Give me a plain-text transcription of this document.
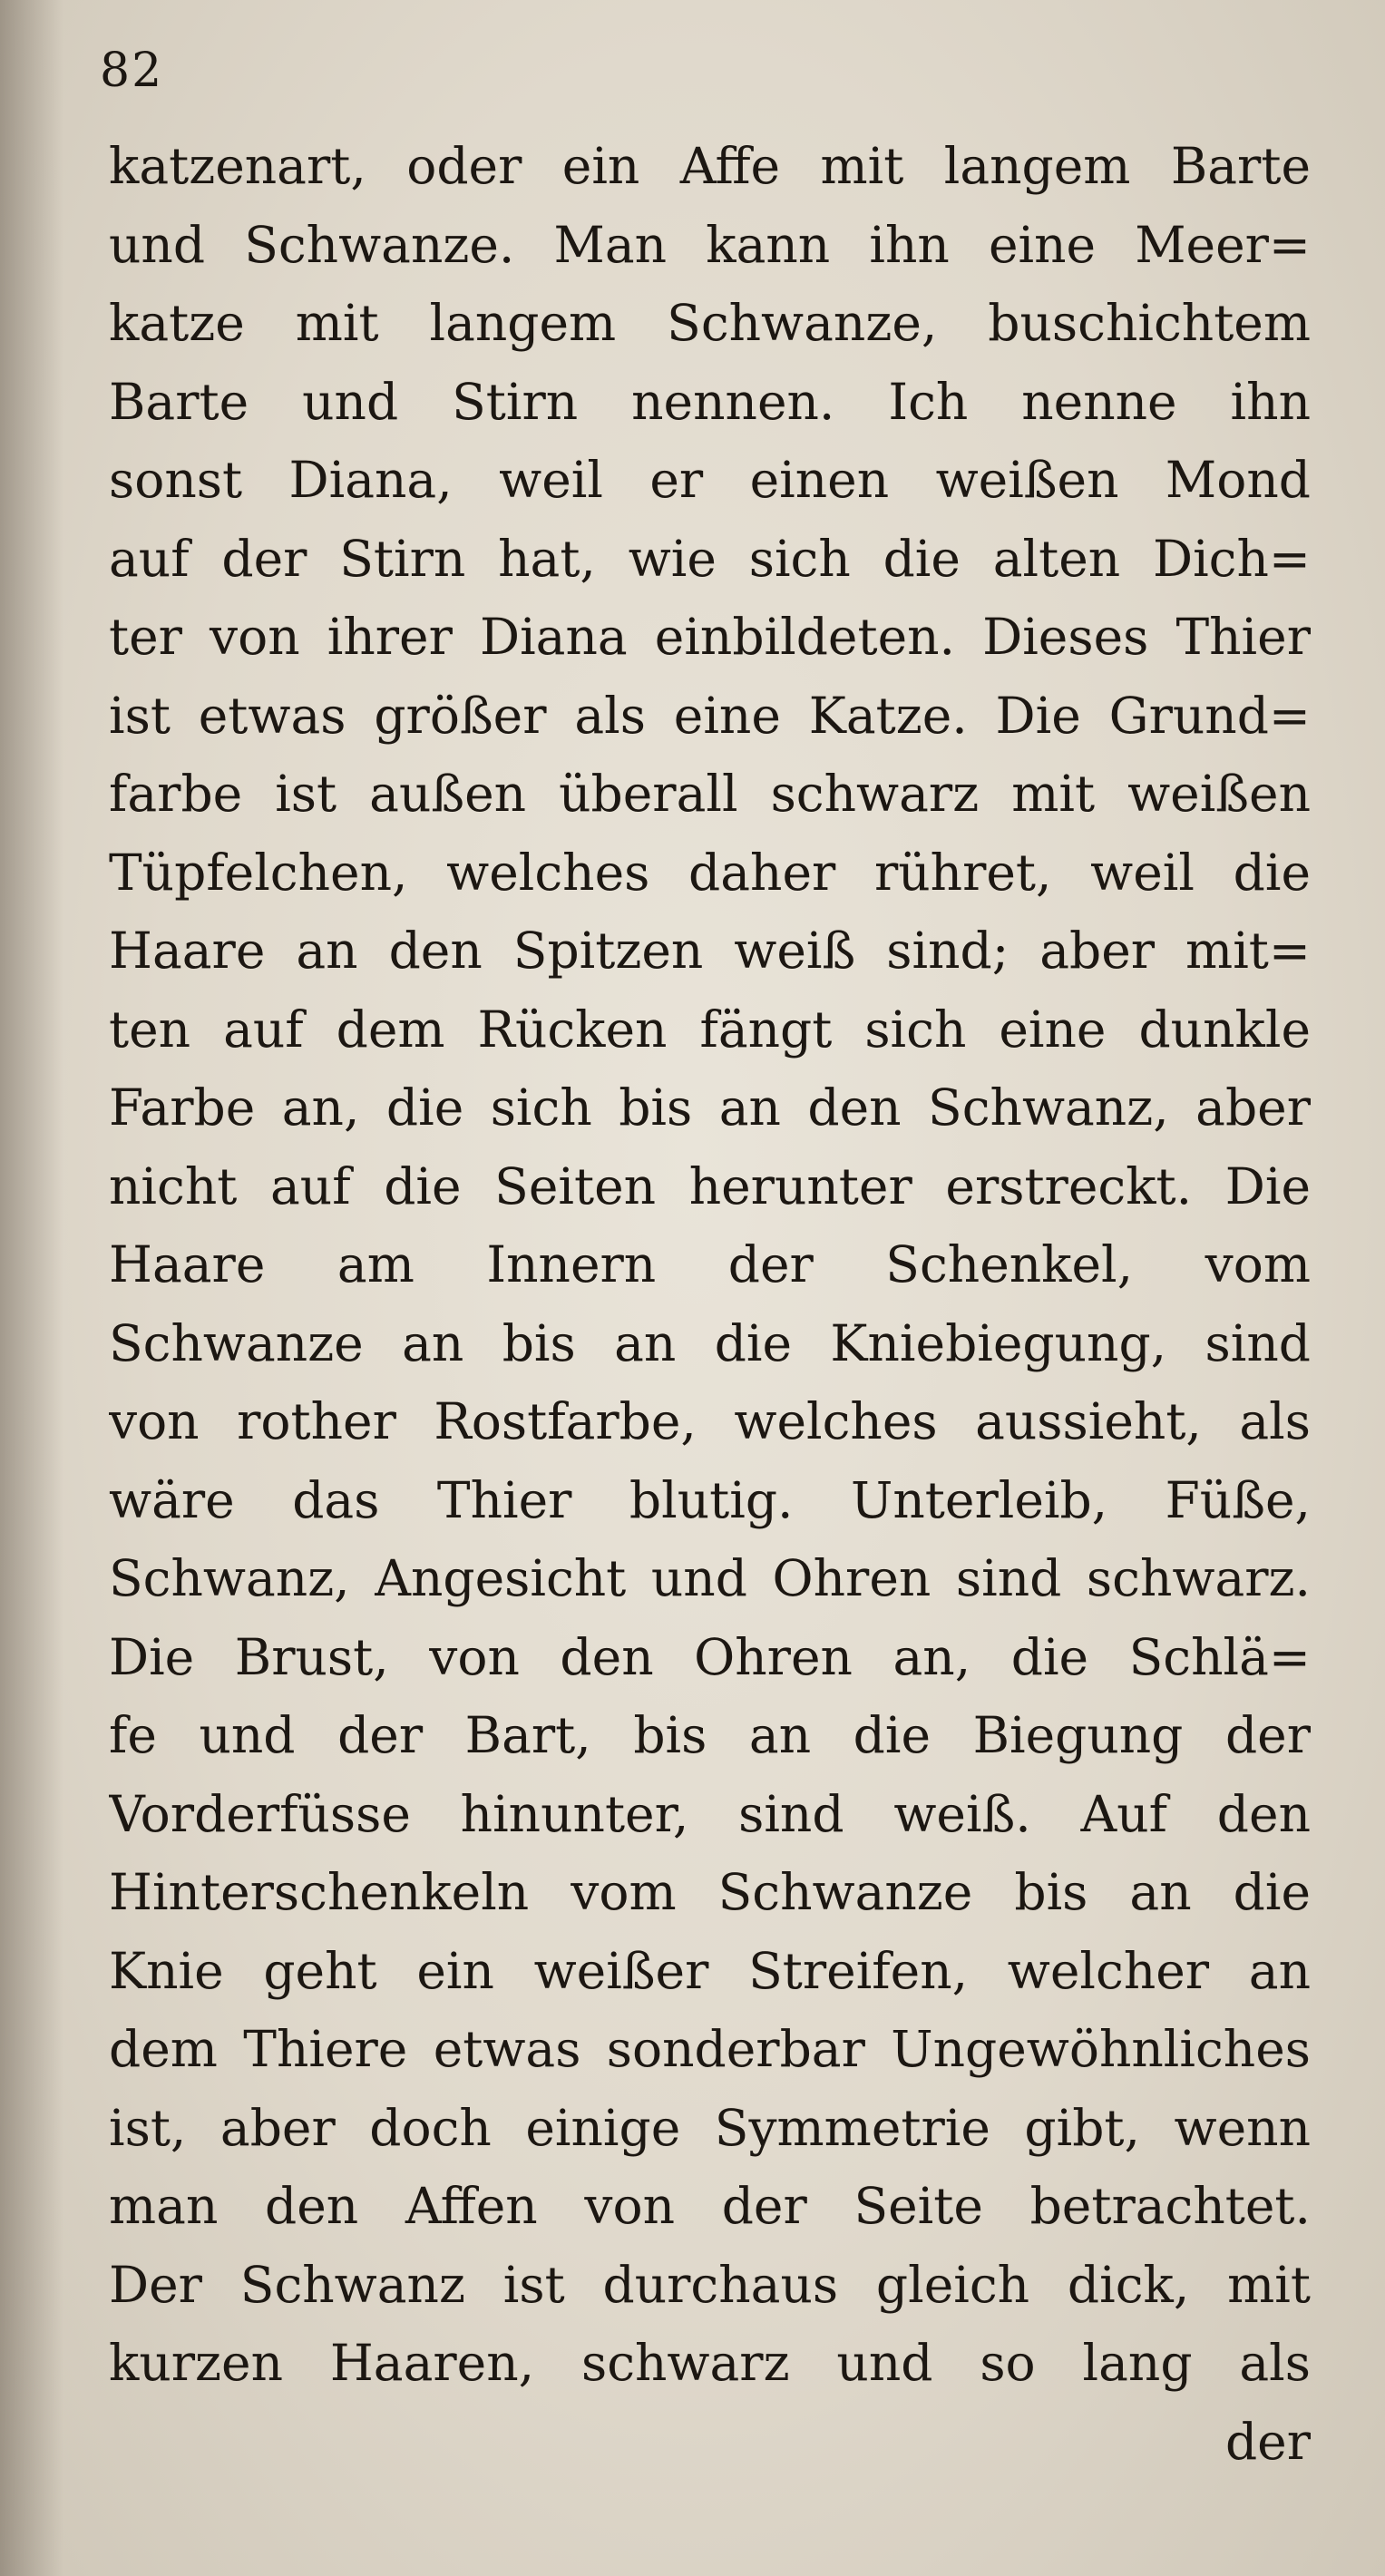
82
katzenart, oder ein Affe mit langem Barte
und Schwanze. Man kann ihn eine Meer=
katze mit langem Schwanze, buschichtem
Barte und Stirn nennen. Ich nenne ihn
sonst Diana, weil er einen weißen Mond
auf der Stirn hat, wie sich die alten Dich=
ter von ihrer Diana einbildeten. Dieses Thier
ist etwas größer als eine Katze. Die Grund=
farbe ist außen überall schwarz mit weißen
Tüpfelchen, welches daher rühret, weil die
Haare an den Spitzen weiß sind; aber mit=
ten auf dem Rücken fängt sich eine dunkle
Farbe an, die sich bis an den Schwanz, aber
nicht auf die Seiten herunter erstreckt. Die
Haare am Innern der Schenkel, vom
Schwanze an bis an die Kniebiegung, sind
von rother Rostfarbe, welches aussieht, als
wäre das Thier blutig. Unterleib, Füße,
Schwanz, Angesicht und Ohren sind schwarz.
Die Brust, von den Ohren an, die Schlä=
fe und der Bart, bis an die Biegung der
Vorderfüsse hinunter, sind weiß. Auf den
Hinterschenkeln vom Schwanze bis an die
Knie geht ein weißer Streifen, welcher an
dem Thiere etwas sonderbar Ungewöhnliches
ist, aber doch einige Symmetrie gibt, wenn
man den Affen von der Seite betrachtet.
Der Schwanz ist durchaus gleich dick, mit
kurzen Haaren, schwarz und so lang als
der
